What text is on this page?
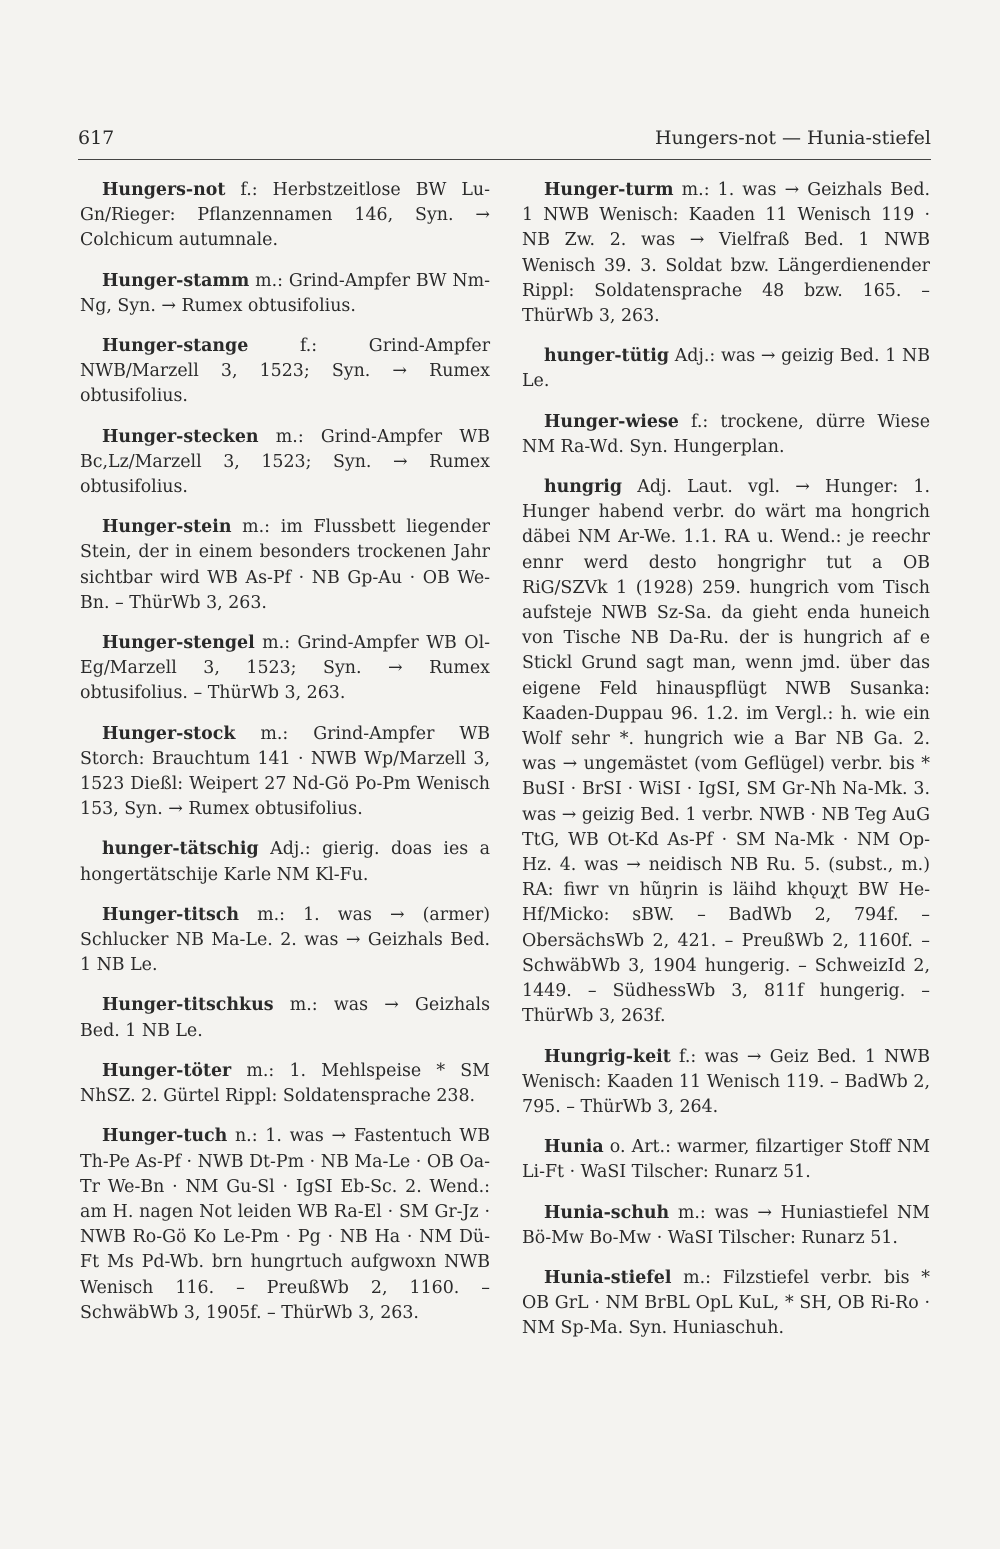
617	Hungers-not — Hunia-stiefel

Hungers-not f.: Herbstzeitlose BW Lu-Gn/Rieger: Pflanzennamen 146, Syn. → Colchicum autumnale.

Hunger-stamm m.: Grind-Ampfer BW Nm-Ng, Syn. → Rumex obtusifolius.

Hunger-stange	f.: Grind-Ampfer NWB/Marzell 3, 1523; Syn. → Rumex obtusifolius.

Hunger-stecken m.: Grind-Ampfer WB Bc,Lz/Marzell 3, 1523; Syn. → Rumex obtusifolius.

Hunger-stein m.: im Flussbett liegender Stein, der in einem besonders trockenen Jahr sichtbar wird WB As-Pf · NB Gp-Au · OB We-Bn. – ThürWb 3, 263.

Hunger-stengel m.: Grind-Ampfer WB Ol-Eg/Marzell 3, 1523; Syn. → Rumex obtusifolius. – ThürWb 3, 263.

Hunger-stock m.: Grind-Ampfer WB Storch: Brauchtum 141 · NWB Wp/Marzell 3, 1523 Dießl: Weipert 27 Nd-Gö Po-Pm Wenisch 153, Syn. → Rumex obtusifolius.

hunger-tätschig Adj.: gierig. doas ies a hongertätschije Karle NM Kl-Fu.

Hunger-titsch m.: 1. was → (armer) Schlucker NB Ma-Le. 2. was → Geizhals Bed. 1 NB Le.

Hunger-titschkus m.: was → Geizhals Bed. 1 NB Le.

Hunger-töter m.: 1. Mehlspeise * SM NhSZ. 2. Gürtel Rippl: Soldatensprache 238.

Hunger-tuch n.: 1. was → Fastentuch WB Th-Pe As-Pf · NWB Dt-Pm · NB Ma-Le · OB Oa-Tr We-Bn · NM Gu-Sl · IgSI Eb-Sc. 2. Wend.: am H. nagen Not leiden WB Ra-El · SM Gr-Jz · NWB Ro-Gö Ko Le-Pm · Pg · NB Ha · NM Dü-Ft Ms Pd-Wb. brn hungrtuch aufgwoxn NWB Wenisch 116. – PreußWb 2, 1160. – SchwäbWb 3, 1905f. – ThürWb 3, 263.

Hunger-turm m.: 1. was → Geizhals Bed. 1 NWB Wenisch: Kaaden 11 Wenisch 119 · NB Zw. 2. was → Vielfraß Bed. 1 NWB Wenisch 39. 3. Soldat bzw. Längerdienender Rippl: Soldatensprache 48 bzw. 165. – ThürWb 3, 263.

hunger-tütig Adj.: was → geizig Bed. 1 NB Le.

Hunger-wiese f.: trockene, dürre Wiese NM Ra-Wd. Syn. Hungerplan.

hungrig Adj. Laut. vgl. → Hunger: 1. Hunger habend verbr. do wärt ma hongrich däbei NM Ar-We. 1.1. RA u. Wend.: je reechr ennr werd desto hongrighr tut a OB RiG/SZVk 1 (1928) 259. hungrich vom Tisch aufsteje NWB Sz-Sa. da gieht enda huneich von Tische NB Da-Ru. der is hungrich af e Stickl Grund sagt man, wenn jmd. über das eigene Feld hinauspflügt NWB Susanka: Kaaden-Duppau 96. 1.2. im Vergl.: h. wie ein Wolf sehr *. hungrich wie a Bar NB Ga. 2. was → ungemästet (vom Geflügel) verbr. bis * BuSI · BrSI · WiSI · IgSI, SM Gr-Nh Na-Mk. 3. was → geizig Bed. 1 verbr. NWB · NB Teg AuG TtG, WB Ot-Kd As-Pf · SM Na-Mk · NM Op-Hz. 4. was → neidisch NB Ru. 5. (subst., m.) RA: fiwr vn hũŋrin is läihd khǫuχt BW He-Hf/Micko: sBW. – BadWb 2, 794f. – ObersächsWb 2, 421. – PreußWb 2, 1160f. – SchwäbWb 3, 1904 hungerig. – SchweizId 2, 1449. – SüdhessWb 3, 811f hungerig. – ThürWb 3, 263f.

Hungrig-keit f.: was → Geiz Bed. 1 NWB Wenisch: Kaaden 11 Wenisch 119. – BadWb 2, 795. – ThürWb 3, 264.

Hunia o. Art.: warmer, filzartiger Stoff NM Li-Ft · WaSI Tilscher: Runarz 51.

Hunia-schuh m.: was → Huniastiefel NM Bö-Mw Bo-Mw · WaSI Tilscher: Runarz 51.

Hunia-stiefel m.: Filzstiefel verbr. bis * OB GrL · NM BrBL OpL KuL, * SH, OB Ri-Ro · NM Sp-Ma. Syn. Huniaschuh.
